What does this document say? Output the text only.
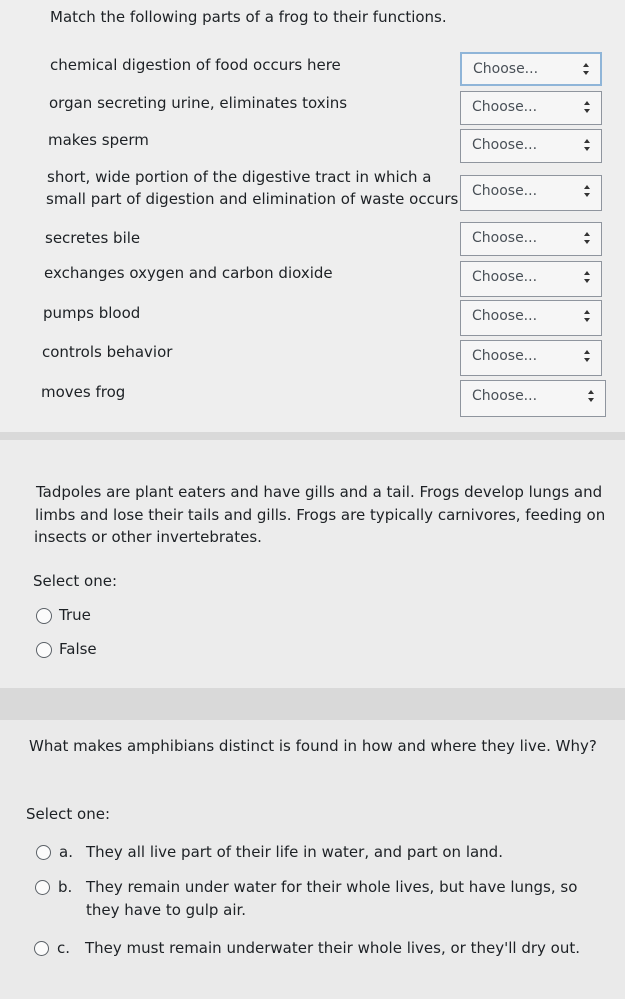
Match the following parts of a frog to their functions.
chemical digestion of food occurs here
organ secreting urine, eliminates toxins
makes sperm
short, wide portion of the digestive tract in which a
small part of digestion and elimination of waste occurs
secretes bile
exchanges oxygen and carbon dioxide
pumps blood
controls behavior
moves frog
Choose...
Choose...
Choose...
Choose...
Choose...
Choose...
Choose...
Choose...
Choose...
Tadpoles are plant eaters and have gills and a tail. Frogs develop lungs and
limbs and lose their tails and gills. Frogs are typically carnivores, feeding on
insects or other invertebrates.
Select one:
True
False
What makes amphibians distinct is found in how and where they live. Why?
Select one:
a. They all live part of their life in water, and part on land.
b. They remain under water for their whole lives, but have lungs, so
they have to gulp air.
c. They must remain underwater their whole lives, or they'll dry out.
